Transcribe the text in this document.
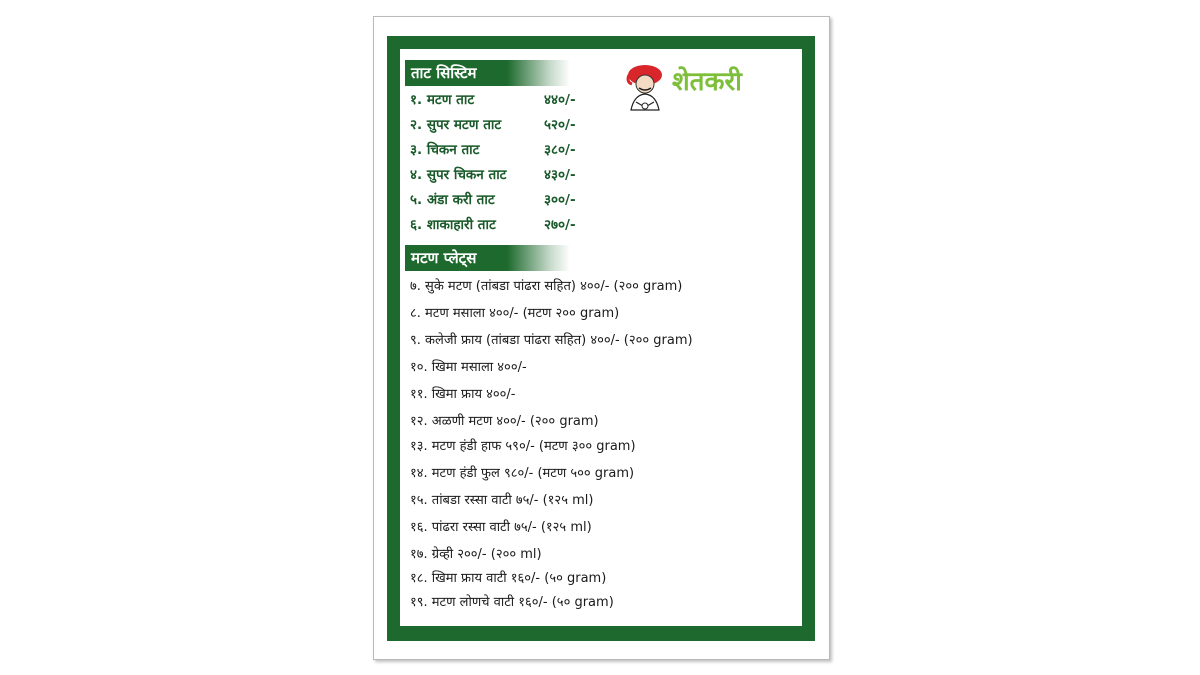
शेतकरी
ताट सिस्टिम
१. मटण ताट	४४०/-
२. सुपर मटण ताट	५२०/-
३. चिकन ताट	३८०/-
४. सुपर चिकन ताट	४३०/-
५. अंडा करी ताट	३००/-
६. शाकाहारी ताट	२७०/-
मटण प्लेट्स
७. सुके मटण (तांबडा पांढरा सहित) ४००/- (२०० gram)
८. मटण मसाला ४००/- (मटण २०० gram)
९. कलेजी फ्राय (तांबडा पांढरा सहित) ४००/- (२०० gram)
१०. खिमा मसाला ४००/-
११. खिमा फ्राय ४००/-
१२. अळणी मटण ४००/- (२०० gram)
१३. मटण हंडी हाफ ५९०/- (मटण ३०० gram)
१४. मटण हंडी फुल ९८०/- (मटण ५०० gram)
१५. तांबडा रस्सा वाटी ७५/- (१२५ ml)
१६. पांढरा रस्सा वाटी ७५/- (१२५ ml)
१७. ग्रेव्ही २००/- (२०० ml)
१८. खिमा फ्राय वाटी १६०/- (५० gram)
१९. मटण लोणचे वाटी १६०/- (५० gram)
